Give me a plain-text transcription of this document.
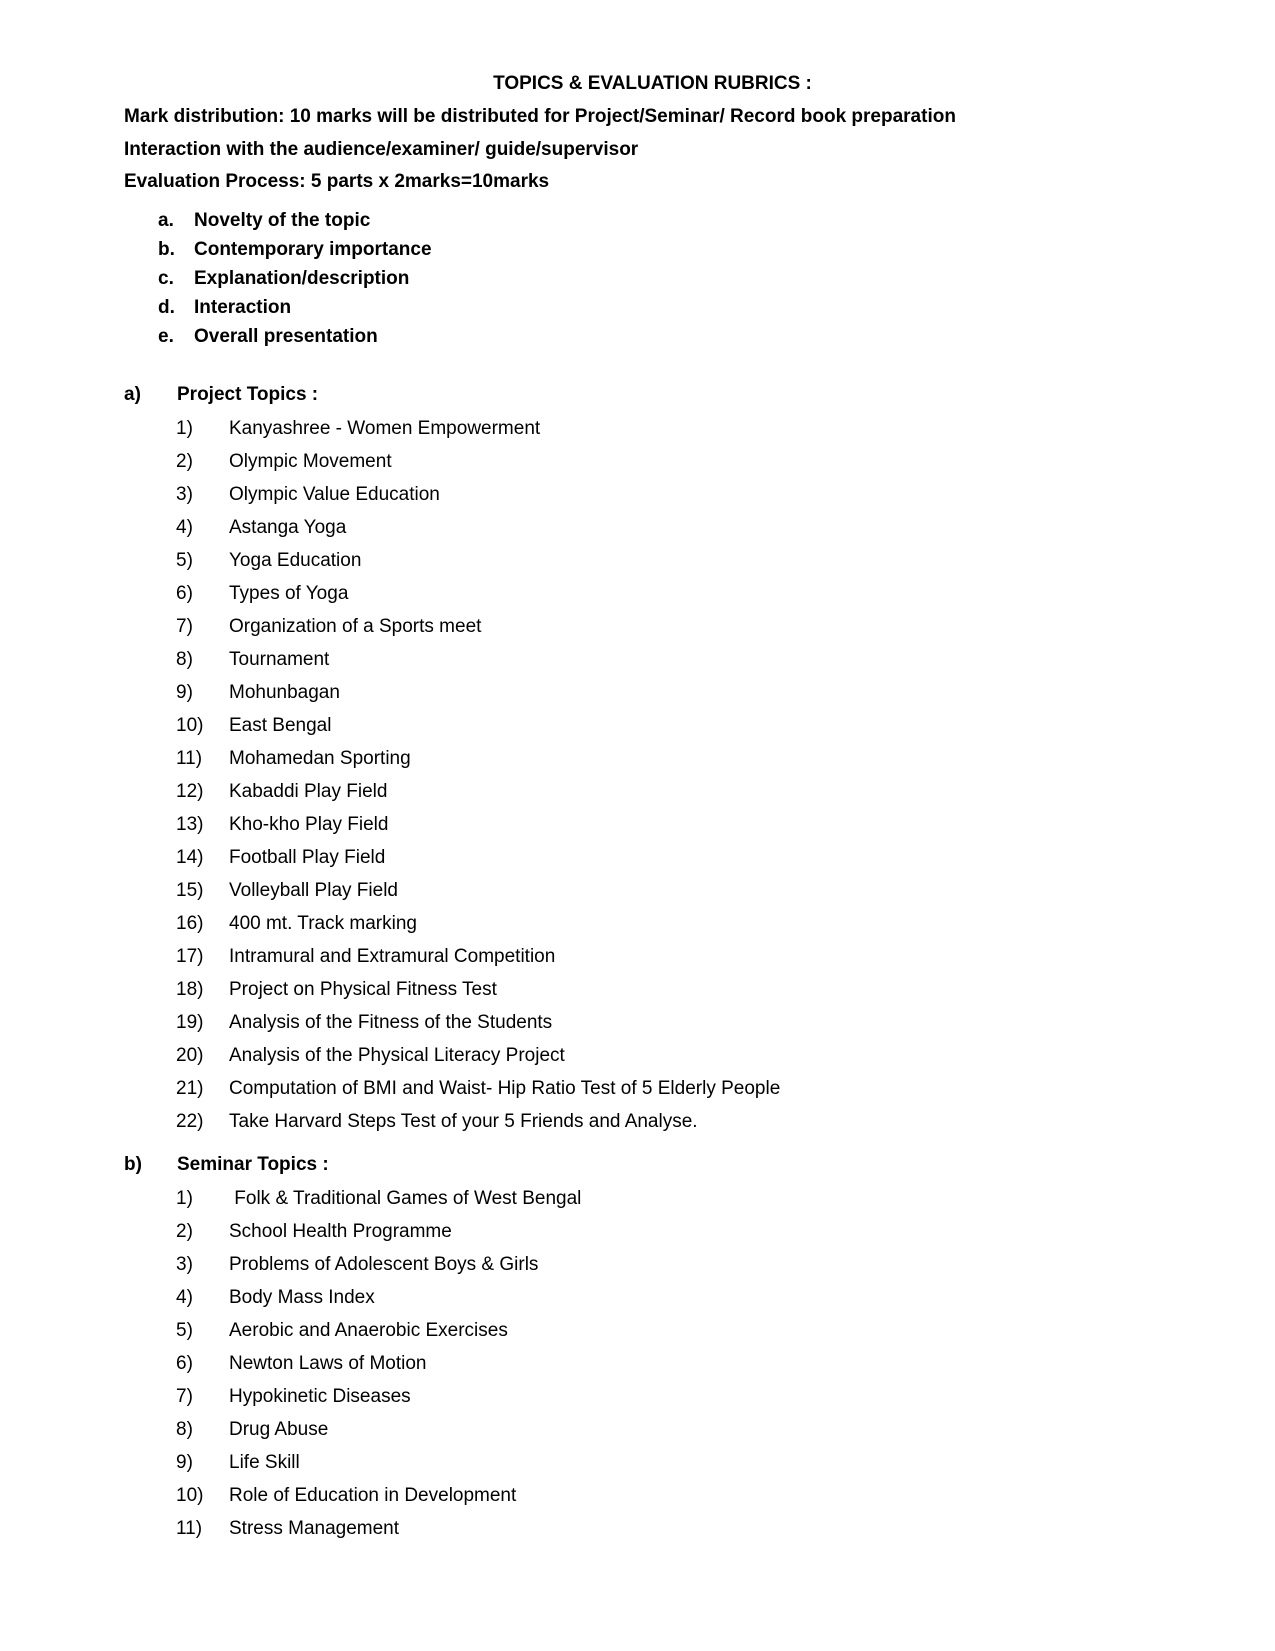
TOPICS & EVALUATION RUBRICS :
Mark distribution: 10 marks will be distributed for Project/Seminar/ Record book preparation
Interaction with the audience/examiner/ guide/supervisor
Evaluation Process: 5 parts x 2marks=10marks
a.	Novelty of the topic
b.	Contemporary importance
c.	Explanation/description
d.	Interaction
e.	Overall presentation
a)	Project Topics :
1)	Kanyashree - Women Empowerment
2)	Olympic Movement
3)	Olympic Value Education
4)	Astanga Yoga
5)	Yoga Education
6)	Types of Yoga
7)	Organization of a Sports meet
8)	Tournament
9)	Mohunbagan
10)	East Bengal
11)	Mohamedan Sporting
12)	Kabaddi Play Field
13)	Kho-kho Play Field
14)	Football Play Field
15)	Volleyball Play Field
16)	400 mt. Track marking
17)	Intramural and Extramural Competition
18)	Project on Physical Fitness Test
19)	Analysis of the Fitness of the Students
20)	Analysis of the Physical Literacy Project
21)	Computation of BMI and Waist- Hip Ratio Test of 5 Elderly People
22)	Take Harvard Steps Test of your 5 Friends and Analyse.
b)	Seminar Topics :
1)	Folk & Traditional Games of West Bengal
2)	School Health Programme
3)	Problems of Adolescent Boys & Girls
4)	Body Mass Index
5)	Aerobic and Anaerobic Exercises
6)	Newton Laws of Motion
7)	Hypokinetic Diseases
8)	Drug Abuse
9)	Life Skill
10)	Role of Education in Development
11)	Stress Management
